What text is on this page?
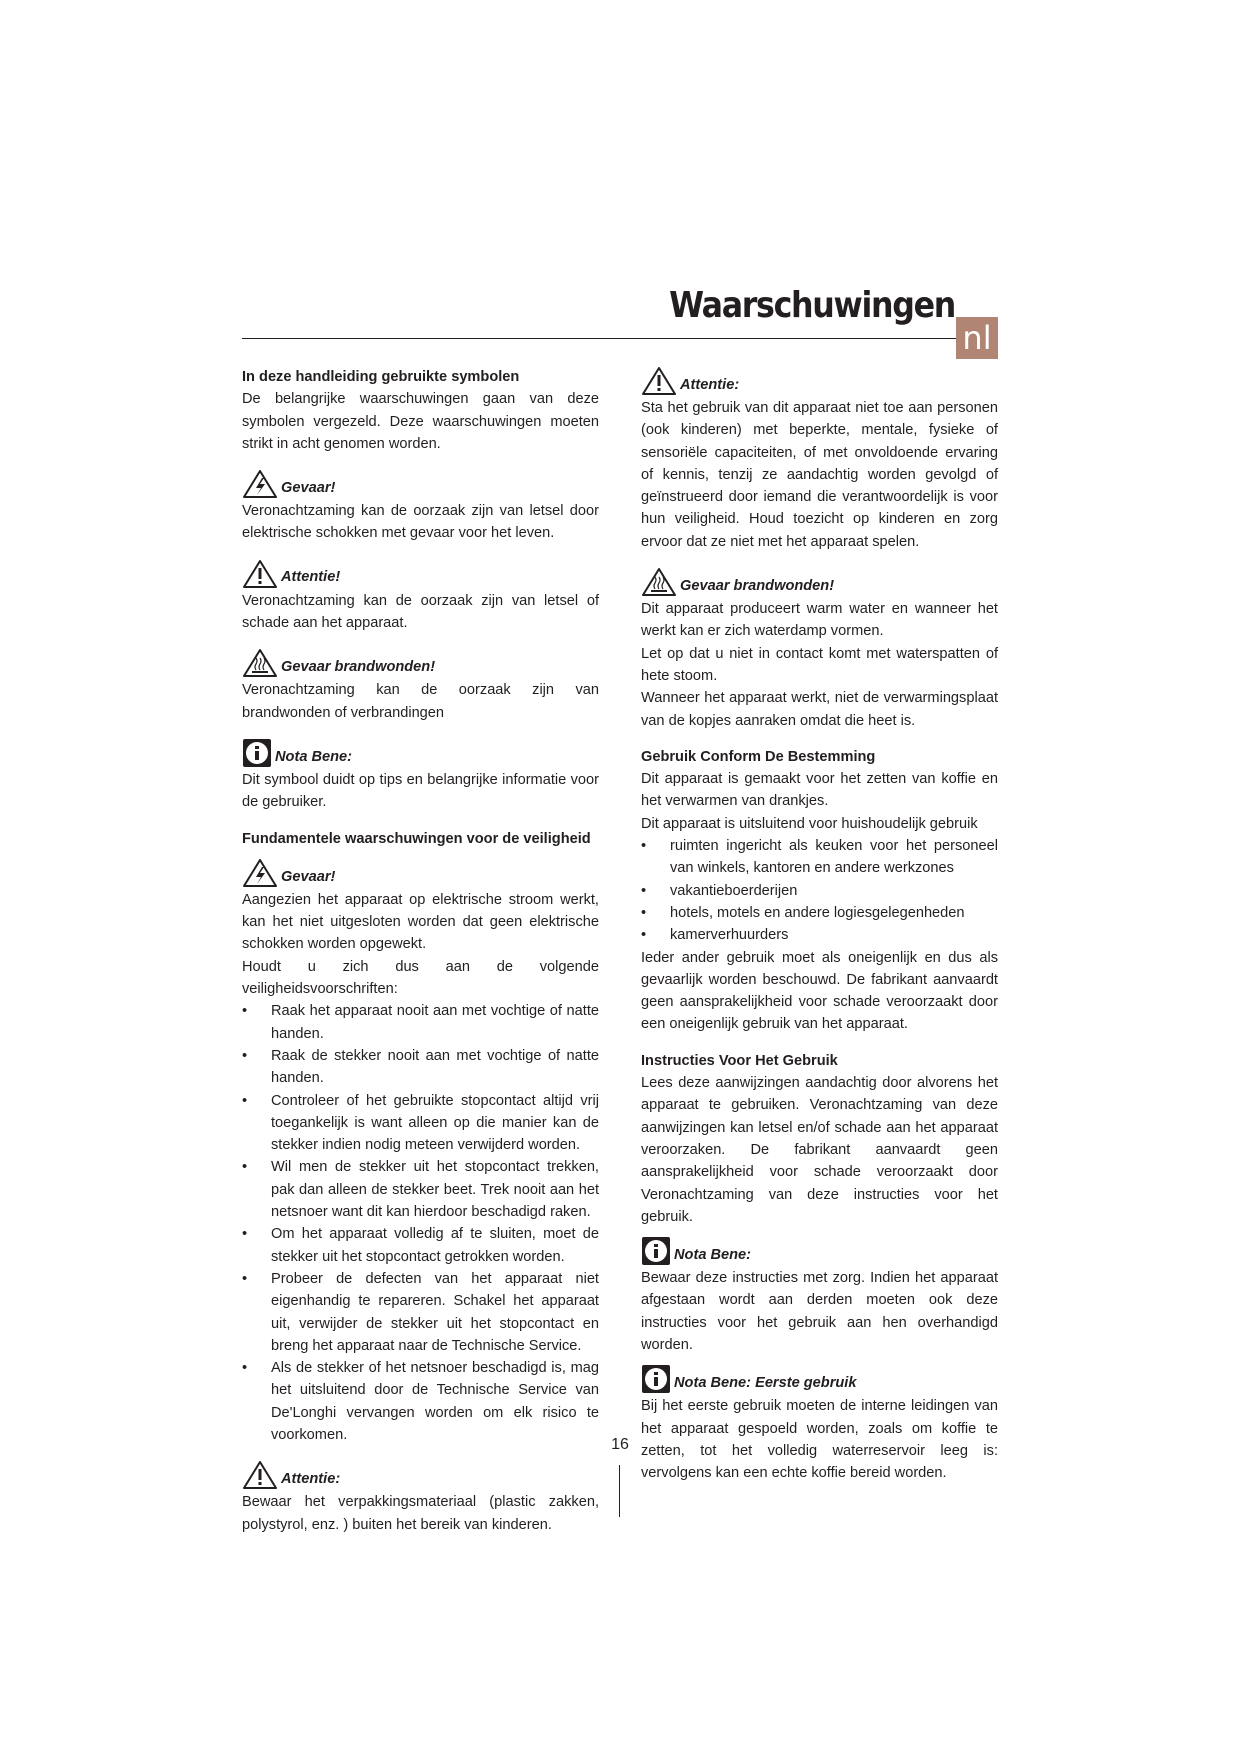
Waarschuwingen
nl
In deze handleiding gebruikte symbolen

De belangrijke waarschuwingen gaan van deze symbolen vergezeld. Deze waarschuwingen moeten strikt in acht genomen worden.

Gevaar!

Veronachtzaming kan de oorzaak zijn van letsel door elektrische schokken met gevaar voor het leven.

Attentie!

Veronachtzaming kan de oorzaak zijn van letsel of schade aan het apparaat.

Gevaar brandwonden!

Veronachtzaming kan de oorzaak zijn van brandwonden of verbrandingen

Nota Bene:

Dit symbool duidt op tips en belangrijke informatie voor de gebruiker.

Fundamentele waarschuwingen voor de veiligheid
Gevaar!

Aangezien het apparaat op elektrische stroom werkt, kan het niet uitgesloten worden dat geen elektrische schokken worden opgewekt.

Houdt u zich dus aan de volgende veiligheidsvoorschriften:

• Raak het apparaat nooit aan met vochtige of natte handen.
• Raak de stekker nooit aan met vochtige of natte handen.
• Controleer of het gebruikte stopcontact altijd vrij toegankelijk is want alleen op die manier kan de stekker indien nodig meteen verwijderd worden.
• Wil men de stekker uit het stopcontact trekken, pak dan alleen de stekker beet. Trek nooit aan het netsnoer want dit kan hierdoor beschadigd raken.
• Om het apparaat volledig af te sluiten, moet de stekker uit het stopcontact getrokken worden.
• Probeer de defecten van het apparaat niet eigenhandig te repareren. Schakel het apparaat uit, verwijder de stekker uit het stopcontact en breng het apparaat naar de Technische Service.
• Als de stekker of het netsnoer beschadigd is, mag het uitsluitend door de Technische Service van De'Longhi vervangen worden om elk risico te voorkomen.
Attentie:

Bewaar het verpakkingsmateriaal (plastic zakken, polystyrol, enz. ) buiten het bereik van kinderen.

Attentie:

Sta het gebruik van dit apparaat niet toe aan personen (ook kinderen) met beperkte, mentale, fysieke of sensoriële capaciteiten, of met onvoldoende ervaring of kennis, tenzij ze aandachtig worden gevolgd of geïnstrueerd door iemand die verantwoordelijk is voor hun veiligheid. Houd toezicht op kinderen en zorg ervoor dat ze niet met het apparaat spelen.

Gevaar brandwonden!

Dit apparaat produceert warm water en wanneer het werkt kan er zich waterdamp vormen.

Let op dat u niet in contact komt met waterspatten of hete stoom.

Wanneer het apparaat werkt, niet de verwarmingsplaat van de kopjes aanraken omdat die heet is.

Gebruik Conform De Bestemming

Dit apparaat is gemaakt voor het zetten van koffie en het verwarmen van drankjes.

Dit apparaat is uitsluitend voor huishoudelijk gebruik

• ruimten ingericht als keuken voor het personeel van winkels, kantoren en andere werkzones
• vakantieboerderijen
• hotels, motels en andere logiesgelegenheden
• kamerverhuurders

Ieder ander gebruik moet als oneigenlijk en dus als gevaarlijk worden beschouwd. De fabrikant aanvaardt geen aansprakelijkheid voor schade veroorzaakt door een oneigenlijk gebruik van het apparaat.

Instructies Voor Het Gebruik

Lees deze aanwijzingen aandachtig door alvorens het apparaat te gebruiken. Veronachtzaming van deze aanwijzingen kan letsel en/of schade aan het apparaat veroorzaken. De fabrikant aanvaardt geen aansprakelijkheid voor schade veroorzaakt door Veronachtzaming van deze instructies voor het gebruik.

Nota Bene:

Bewaar deze instructies met zorg. Indien het apparaat afgestaan wordt aan derden moeten ook deze instructies voor het gebruik aan hen overhandigd worden.

Nota Bene: Eerste gebruik

Bij het eerste gebruik moeten de interne leidingen van het apparaat gespoeld worden, zoals om koffie te zetten, tot het volledig waterreservoir leeg is: vervolgens kan een echte koffie bereid worden.

16
